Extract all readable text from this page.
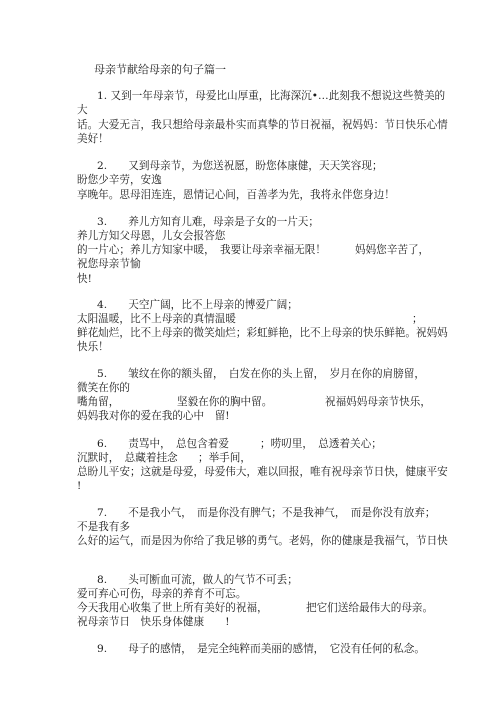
母亲节献给母亲的句子篇一
1. 又到一年母亲节，母爱比山厚重，比海深沉•…此刻我不想说这些赞美的
大
话。大爱无言，我只想给母亲最朴实而真挚的节日祝福，祝妈妈：节日快乐心情
美好！
2.　　又到母亲节，为您送祝愿，盼您体康健，天天笑容现；
盼您少辛劳，安逸
享晚年。思母泪连连，恩情记心间，百善孝为先，我将永伴您身边！
3.　　养儿方知育儿难，母亲是子女的一片天；
养儿方知父母恩，儿女会报答您
的一片心；养儿方知家中暖，　我要让母亲幸福无限！	妈妈您辛苦了，
祝您母亲节愉
快!
4.　　天空广阔，比不上母亲的博爱广阔；
太阳温暖，比不上母亲的真情温暖	；
鲜花灿烂，比不上母亲的微笑灿烂；彩虹鲜艳，比不上母亲的快乐鲜艳。祝妈妈
快乐！
5.　　皱纹在你的额头留，　白发在你的头上留，　岁月在你的肩膀留，
微笑在你的
嘴角留，	坚毅在你的胸中留。	祝福妈妈母亲节快乐，
妈妈我对你的爱在我的心中　留!
6.　　责骂中，　总包含着爱	；唠叨里，　总透着关心；
沉默时，　总藏着挂念 ；举手间，
总盼儿平安；这就是母爱，母爱伟大，难以回报，唯有祝母亲节日快，健康平安
!
7.　　不是我小气，　而是你没有脾气；不是我神气，　而是你没有放弃；
不是我有多
么好的运气，而是因为你给了我足够的勇气。老妈，你的健康是我福气，节日快
8.　　头可断血可流，做人的气节不可丢；
爱可弃心可伤，母亲的养育不可忘。
今天我用心收集了世上所有美好的祝福，	把它们送给最伟大的母亲。
祝母亲节日　快乐身体健康　　!
9.　　母子的感情，　是完全纯粹而美丽的感情，　它没有任何的私念。
